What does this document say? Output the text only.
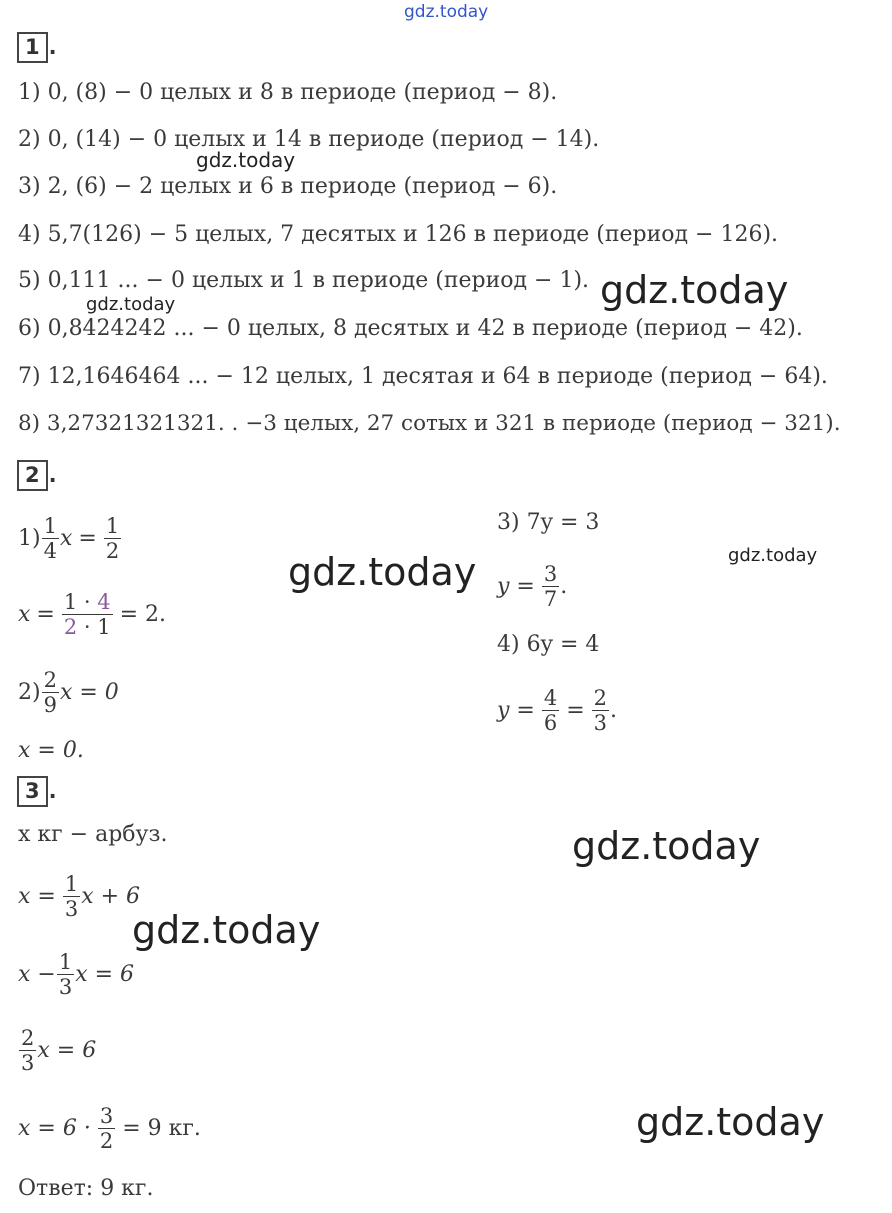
gdz.today
gdz.today
gdz.today	gdz.today
gdz.today	gdz.today
gdz.today
gdz.today
gdz.today
1 .
1) 0, (8) − 0 целых и 8 в периоде (период − 8).
2) 0, (14) − 0 целых и 14 в периоде (период − 14).
3) 2, (6) − 2 целых и 6 в периоде (период − 6).
4) 5,7(126) − 5 целых, 7 десятых и 126 в периоде (период − 126).
5) 0,111 ... − 0 целых и 1 в периоде (период − 1).
6) 0,8424242 ... − 0 целых, 8 десятых и 42 в периоде (период − 42).
7) 12,1646464 ... − 12 целых, 1 десятая и 64 в периоде (период − 64).
8) 3,27321321321. . −3 целых, 27 сотых и 321 в периоде (период − 321).
2 .
$1) \frac{1}{4}$ $x = \frac{1}{2}$
$x = \frac{1 \cdot 4}{2 \cdot 1} = 2$.
$2) \frac{2}{9}$ x = 0
x = 0.
3) 7y = 3
$y = \frac{3}{7}$ .
4) 6y = 4
$y = \frac{4}{6} = \frac{2}{3}$ .
3 .
x кг − арбуз.
$x = \frac{1}{3}$ x + 6
$x - \frac{1}{3}$ x = 6
$\frac{2}{3}$ x = 6
$x = 6 \cdot \frac{3}{2} = 9$ кг.
Ответ: 9 кг.
